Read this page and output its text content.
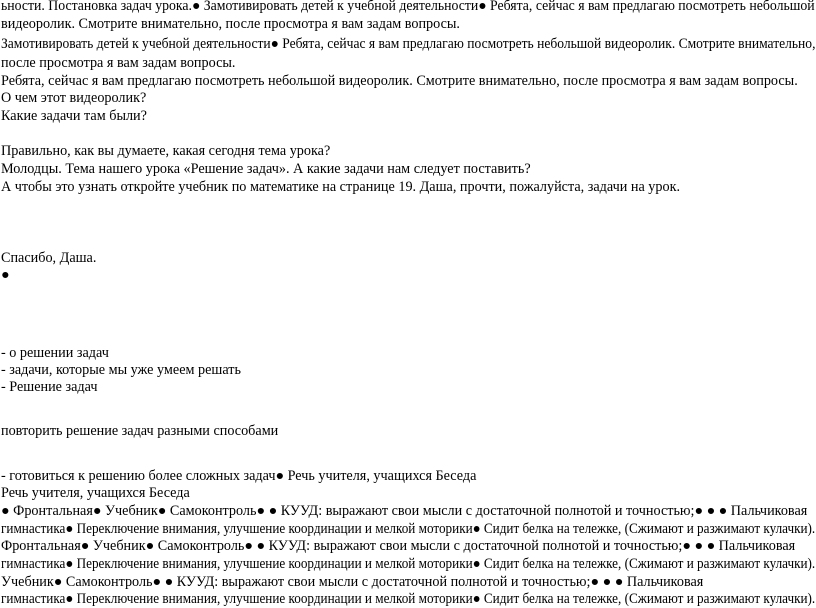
ьности. Постановка задач урока.● Замотивировать детей к учебной деятельности● Ребята, сейчас я вам предлагаю посмотреть небольшой
видеоролик. Смотрите внимательно, после просмотра я вам задам вопросы.
Замотивировать детей к учебной деятельности● Ребята, сейчас я вам предлагаю посмотреть небольшой видеоролик. Смотрите внимательно,
после просмотра я вам задам вопросы.
Ребята, сейчас я вам предлагаю посмотреть небольшой видеоролик. Смотрите внимательно, после просмотра я вам задам вопросы.
О чем этот видеоролик?
Какие задачи там были?
Правильно, как вы думаете, какая сегодня тема урока?
Молодцы. Тема нашего урока «Решение задач». А какие задачи нам следует поставить?
А чтобы это узнать откройте учебник по математике на странице 19. Даша, прочти, пожалуйста, задачи на урок.
Спасибо, Даша.
●
- о решении задач
- задачи, которые мы уже умеем решать
- Решение задач
повторить решение задач разными способами
- готовиться к решению более сложных задач● Речь учителя, учащихся Беседа
Речь учителя, учащихся Беседа
● Фронтальная● Учебник● Самоконтроль● ● КУУД: выражают свои мысли с достаточной полнотой и точностью;● ● ● Пальчиковая
гимнастика● Переключение внимания, улучшение координации и мелкой моторики● Сидит белка на тележке, (Сжимают и разжимают кулачки).
Фронтальная● Учебник● Самоконтроль● ● КУУД: выражают свои мысли с достаточной полнотой и точностью;● ● ● Пальчиковая
гимнастика● Переключение внимания, улучшение координации и мелкой моторики● Сидит белка на тележке, (Сжимают и разжимают кулачки).
Учебник● Самоконтроль● ● КУУД: выражают свои мысли с достаточной полнотой и точностью;● ● ● Пальчиковая
гимнастика● Переключение внимания, улучшение координации и мелкой моторики● Сидит белка на тележке, (Сжимают и разжимают кулачки).
